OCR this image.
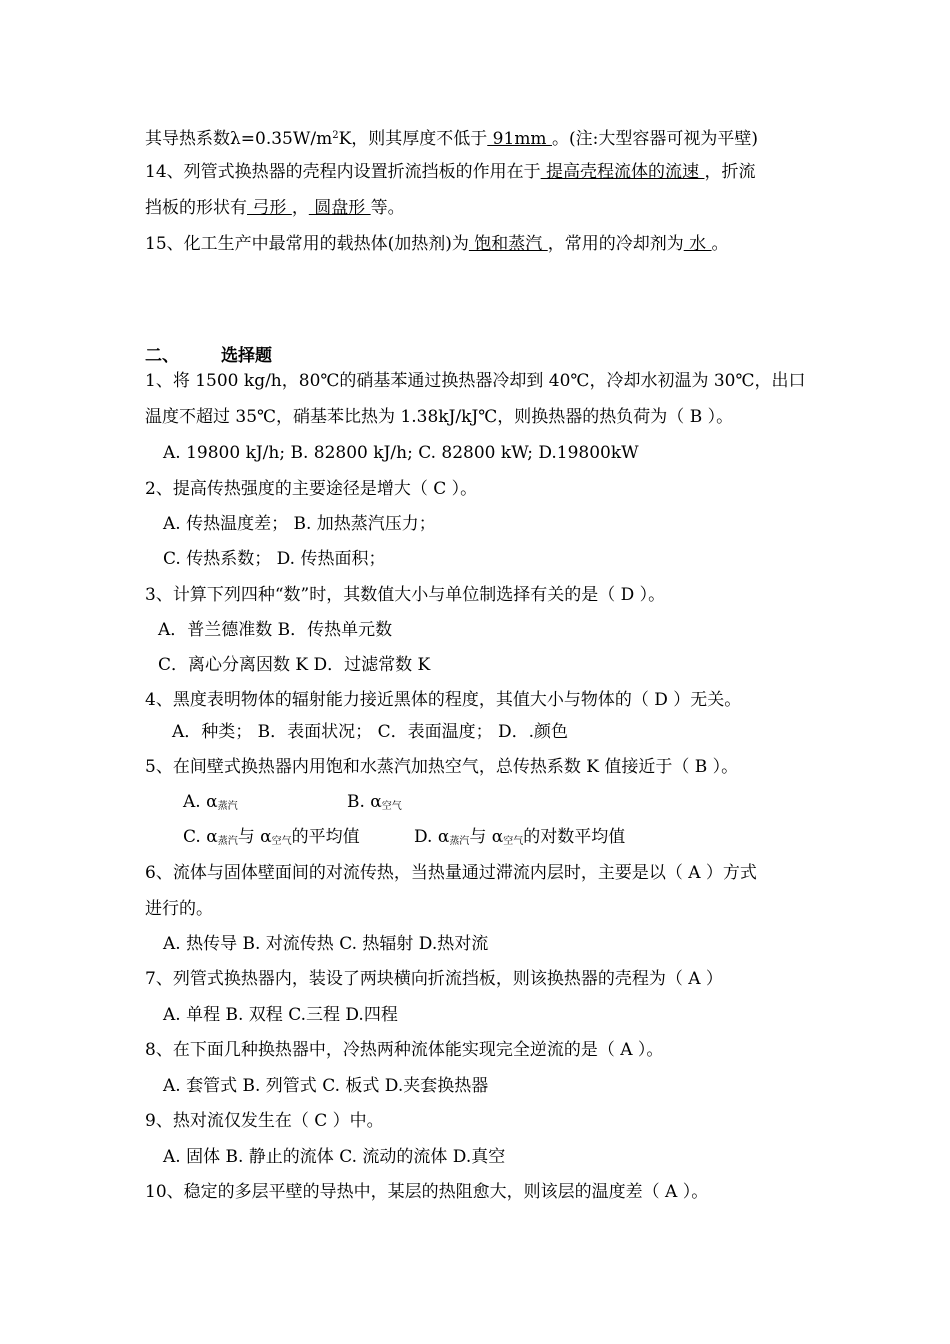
其导热系数$\lambda=0.35W/m^2K$，则其厚度不低于 91mm 。(注:大型容器可视为平壁)
14、列管式换热器的壳程内设置折流挡板的作用在于 提高壳程流体的流速 ，折流
挡板的形状有 弓形 ， 圆盘形 等。
15、化工生产中最常用的载热体(加热剂)为 饱和蒸汽 ，常用的冷却剂为 水 。
二、 选择题
1、将 1500 kg/h，80℃的硝基苯通过换热器冷却到 40℃，冷却水初温为 30℃，出口
温度不超过 35℃，硝基苯比热为 1.38kJ/kJ℃，则换热器的热负荷为（ B ）。
A. 19800 kJ/h; B. 82800 kJ/h; C. 82800 kW; D.19800kW
2、提高传热强度的主要途径是增大（ C ）。
A. 传热温度差； B. 加热蒸汽压力；
C. 传热系数； D. 传热面积；
3、计算下列四种“数”时，其数值大小与单位制选择有关的是（ D ）。
A．普兰德准数 B．传热单元数
C．离心分离因数 K D．过滤常数 K
4、黑度表明物体的辐射能力接近黑体的程度，其值大小与物体的（ D ）无关。
A．种类； B．表面状况； C．表面温度； D．.颜色
5、在间壁式换热器内用饱和水蒸汽加热空气，总传热系数 K 值接近于（ B ）。
A. $\alpha_{蒸汽}$	B. $\alpha_{空气}$
C. $\alpha_{蒸汽}$与 $\alpha_{空气}$的平均值	D. $\alpha_{蒸汽}$与 $\alpha_{空气}$的对数平均值
6、流体与固体壁面间的对流传热，当热量通过滞流内层时，主要是以（ A ）方式
进行的。
A. 热传导 B. 对流传热 C. 热辐射 D.热对流
7、列管式换热器内，装设了两块横向折流挡板，则该换热器的壳程为（ A ）
A. 单程 B. 双程 C.三程 D.四程
8、在下面几种换热器中，冷热两种流体能实现完全逆流的是（ A ）。
A. 套管式 B. 列管式 C. 板式 D.夹套换热器
9、热对流仅发生在（ C ）中。
A. 固体 B. 静止的流体 C. 流动的流体 D.真空
10、稳定的多层平壁的导热中，某层的热阻愈大，则该层的温度差（ A ）。
